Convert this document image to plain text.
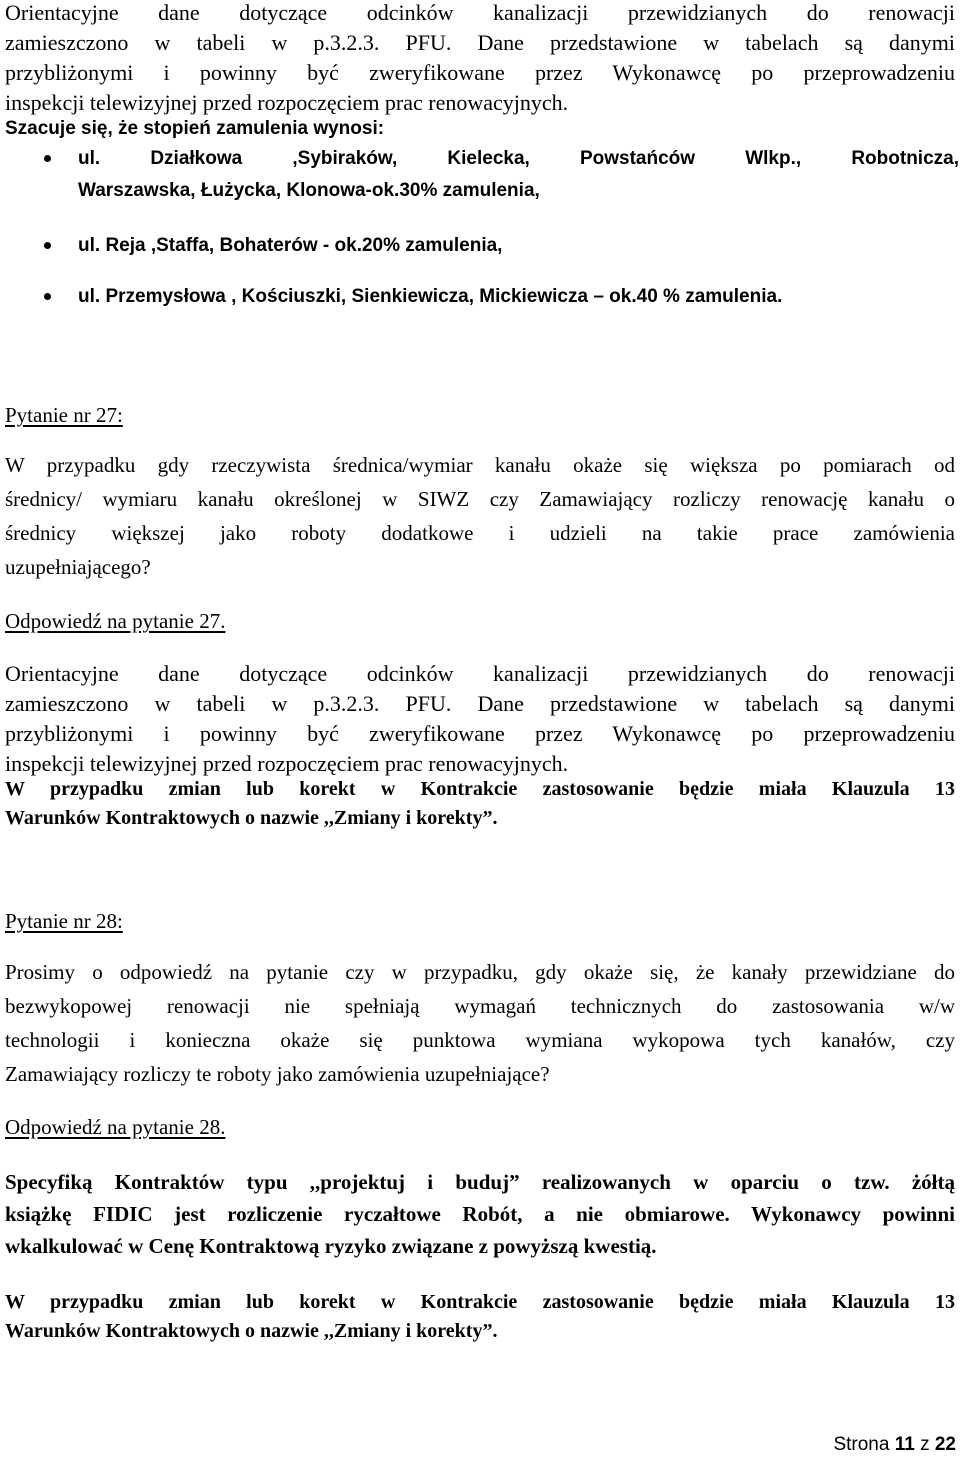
Orientacyjne dane dotyczące odcinków kanalizacji przewidzianych do renowacji

zamieszczono w tabeli w p.3.2.3. PFU. Dane przedstawione w tabelach są danymi

przybliżonymi i powinny być zweryfikowane przez Wykonawcę po przeprowadzeniu

inspekcji telewizyjnej przed rozpoczęciem prac renowacyjnych.

Szacuje się, że stopień zamulenia wynosi:

ul. Działkowa ,Sybiraków, Kielecka, Powstańców Wlkp., Robotnicza,

Warszawska, Łużycka, Klonowa-ok.30% zamulenia,

ul. Reja ,Staffa, Bohaterów - ok.20% zamulenia,

ul. Przemysłowa , Kościuszki, Sienkiewicza, Mickiewicza – ok.40 % zamulenia.

Pytanie nr 27:

W przypadku gdy rzeczywista średnica/wymiar kanału okaże się większa po pomiarach od

średnicy/ wymiaru kanału określonej w SIWZ czy Zamawiający rozliczy renowację kanału o

średnicy większej jako roboty dodatkowe i udzieli na takie prace zamówienia

uzupełniającego?

Odpowiedź na pytanie 27.

Orientacyjne dane dotyczące odcinków kanalizacji przewidzianych do renowacji

zamieszczono w tabeli w p.3.2.3. PFU. Dane przedstawione w tabelach są danymi

przybliżonymi i powinny być zweryfikowane przez Wykonawcę po przeprowadzeniu

inspekcji telewizyjnej przed rozpoczęciem prac renowacyjnych.

W przypadku zmian lub korekt w Kontrakcie zastosowanie będzie miała Klauzula 13

Warunków Kontraktowych o nazwie ,,Zmiany i korekty”.

Pytanie nr 28:

Prosimy o odpowiedź na pytanie czy w przypadku, gdy okaże się, że kanały przewidziane do

bezwykopowej renowacji nie spełniają wymagań technicznych do zastosowania w/w

technologii i konieczna okaże się punktowa wymiana wykopowa tych kanałów, czy

Zamawiający rozliczy te roboty jako zamówienia uzupełniające?

Odpowiedź na pytanie 28.

Specyfiką Kontraktów typu ,,projektuj i buduj” realizowanych w oparciu o tzw. żółtą

książkę FIDIC jest rozliczenie ryczałtowe Robót, a nie obmiarowe. Wykonawcy powinni

wkalkulować w Cenę Kontraktową ryzyko związane z powyższą kwestią.

W przypadku zmian lub korekt w Kontrakcie zastosowanie będzie miała Klauzula 13

Warunków Kontraktowych o nazwie ,,Zmiany i korekty”.

Strona 11 z 22
